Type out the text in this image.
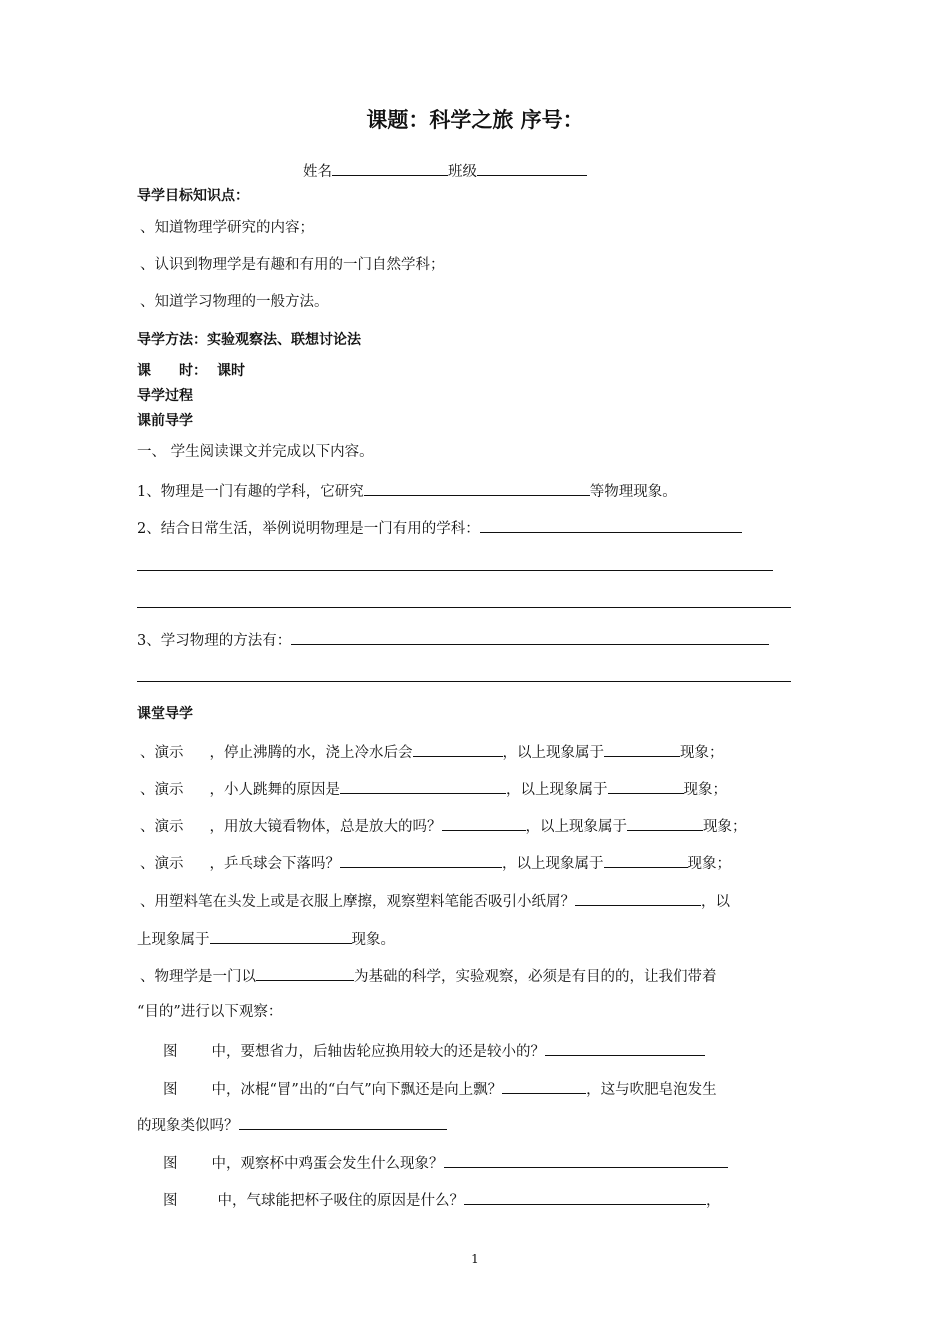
课题：科学之旅 序号：
姓名	班级
导学目标知识点：
、知道物理学研究的内容；
、认识到物理学是有趣和有用的一门自然学科；
、知道学习物理的一般方法。
导学方法：实验观察法、联想讨论法
课　　时： 课时
导学过程
课前导学
一、 学生阅读课文并完成以下内容。
1、物理是一门有趣的学科，它研究	等物理现象。
2、结合日常生活，举例说明物理是一门有用的学科：
3、学习物理的方法有：
课堂导学
、演示 ，停止沸腾的水，浇上冷水后会	，以上现象属于	现象；
、演示 ，小人跳舞的原因是	，以上现象属于	现象；
、演示 ，用放大镜看物体，总是放大的吗？	，以上现象属于	现象；
、演示 ，乒乓球会下落吗？	，以上现象属于	现象；
、用塑料笔在头发上或是衣服上摩擦，观察塑料笔能否吸引小纸屑？	，以
上现象属于	现象。
、物理学是一门以	为基础的科学，实验观察，必须是有目的的，让我们带着
“目的”进行以下观察：
图 中，要想省力，后轴齿轮应换用较大的还是较小的？
图 中，冰棍“冒”出的“白气”向下飘还是向上飘？	，这与吹肥皂泡发生
的现象类似吗？
图 中，观察杯中鸡蛋会发生什么现象？
图	中，气球能把杯子吸住的原因是什么？	，
1
